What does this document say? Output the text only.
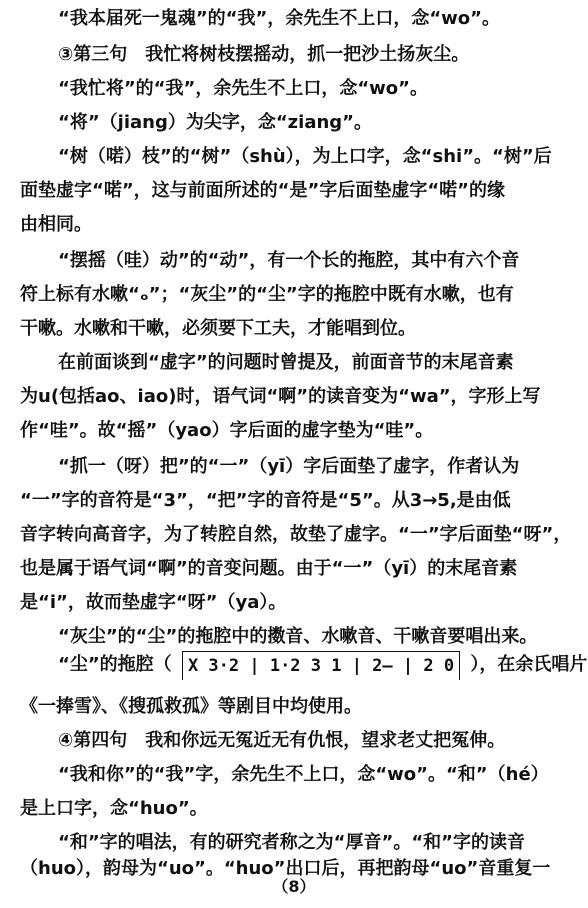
“我本届死一鬼魂”的“我”，余先生不上口，念“wo”。
③第三句　我忙将树枝摆摇动，抓一把沙土扬灰尘。
“我忙将”的“我”，余先生不上口，念“wo”。
“将”（jiang）为尖字，念“ziang”。
“树（喏）枝”的“树”（shù），为上口字，念“shi”。“树”后
面垫虚字“喏”，这与前面所述的“是”字后面垫虚字“喏”的缘
由相同。
“摆摇（哇）动”的“动”，有一个长的拖腔，其中有六个音
符上标有水嗽“ₒ”；“灰尘”的“尘”字的拖腔中既有水嗽，也有
干嗽。水嗽和干嗽，必须要下工夫，才能唱到位。
在前面谈到“虚字”的问题时曾提及，前面音节的末尾音素
为u(包括ao、iao)时，语气词“啊”的读音变为“wa”，字形上写
作“哇”。故“摇”（yao）字后面的虚字垫为“哇”。
“抓一（呀）把”的“一”（yī）字后面垫了虚字，作者认为
“一”字的音符是“3”，“把”字的音符是“5”。从3→5,是由低
音字转向高音字，为了转腔自然，故垫了虚字。“一”字后面垫“呀”，
也是属于语气词“啊”的音变问题。由于“一”（yī）的末尾音素
是“i”，故而垫虚字“呀”（ya）。
“灰尘”的“尘”的拖腔中的擞音、水嗽音、干嗽音要唱出来。
“尘”的拖腔（ X 3·2 | 1·2 3 1 | 2— | 2 0 ），在余氏唱片
《一捧雪》、《搜孤救孤》等剧目中均使用。
④第四句　我和你远无冤近无有仇恨，望求老丈把冤伸。
“我和你”的“我”字，余先生不上口，念“wo”。“和”（hé）
是上口字，念“huo”。
“和”字的唱法，有的研究者称之为“厚音”。“和”字的读音
（huo），韵母为“uo”。“huo”出口后，再把韵母“uo”音重复一
（8）
